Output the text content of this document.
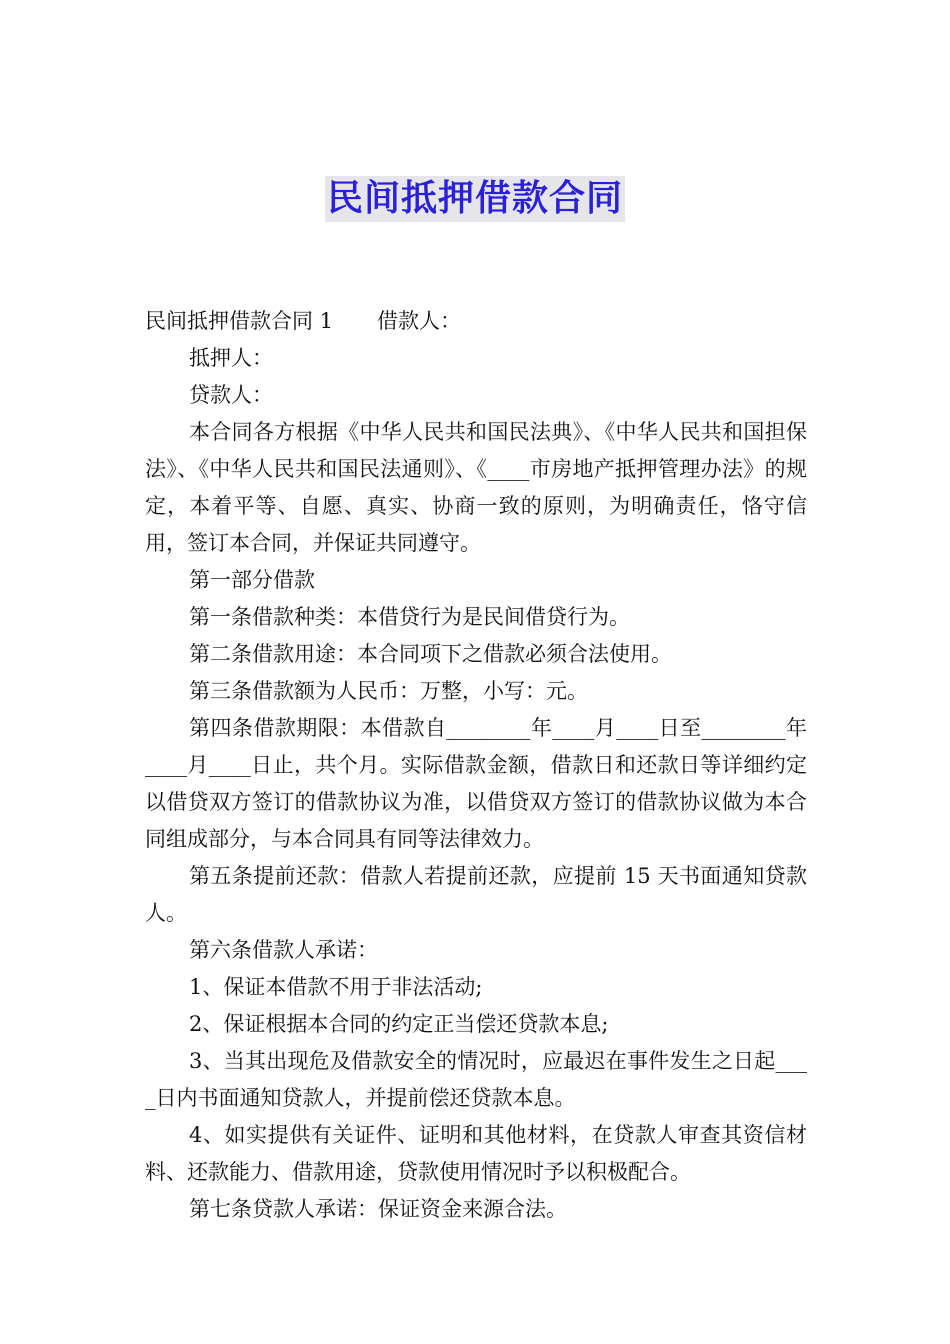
民间抵押借款合同

民间抵押借款合同 1 借款人：

抵押人：

贷款人：

本合同各方根据《中华人民共和国民法典》、《中华人民共和国担保法》、《中华人民共和国民法通则》、《____市房地产抵押管理办法》的规定，本着平等、自愿、真实、协商一致的原则，为明确责任，恪守信用，签订本合同，并保证共同遵守。

第一部分借款

第一条借款种类：本借贷行为是民间借贷行为。

第二条借款用途：本合同项下之借款必须合法使用。

第三条借款额为人民币：万整，小写：元。

第四条借款期限：本借款自________年____月____日至________年____月____日止，共个月。实际借款金额，借款日和还款日等详细约定以借贷双方签订的借款协议为准，以借贷双方签订的借款协议做为本合同组成部分，与本合同具有同等法律效力。

第五条提前还款：借款人若提前还款，应提前 15 天书面通知贷款人。

第六条借款人承诺：

1、保证本借款不用于非法活动;

2、保证根据本合同的约定正当偿还贷款本息;

3、当其出现危及借款安全的情况时，应最迟在事件发生之日起____日内书面通知贷款人，并提前偿还贷款本息。

4、如实提供有关证件、证明和其他材料，在贷款人审查其资信材料、还款能力、借款用途，贷款使用情况时予以积极配合。

第七条贷款人承诺：保证资金来源合法。
